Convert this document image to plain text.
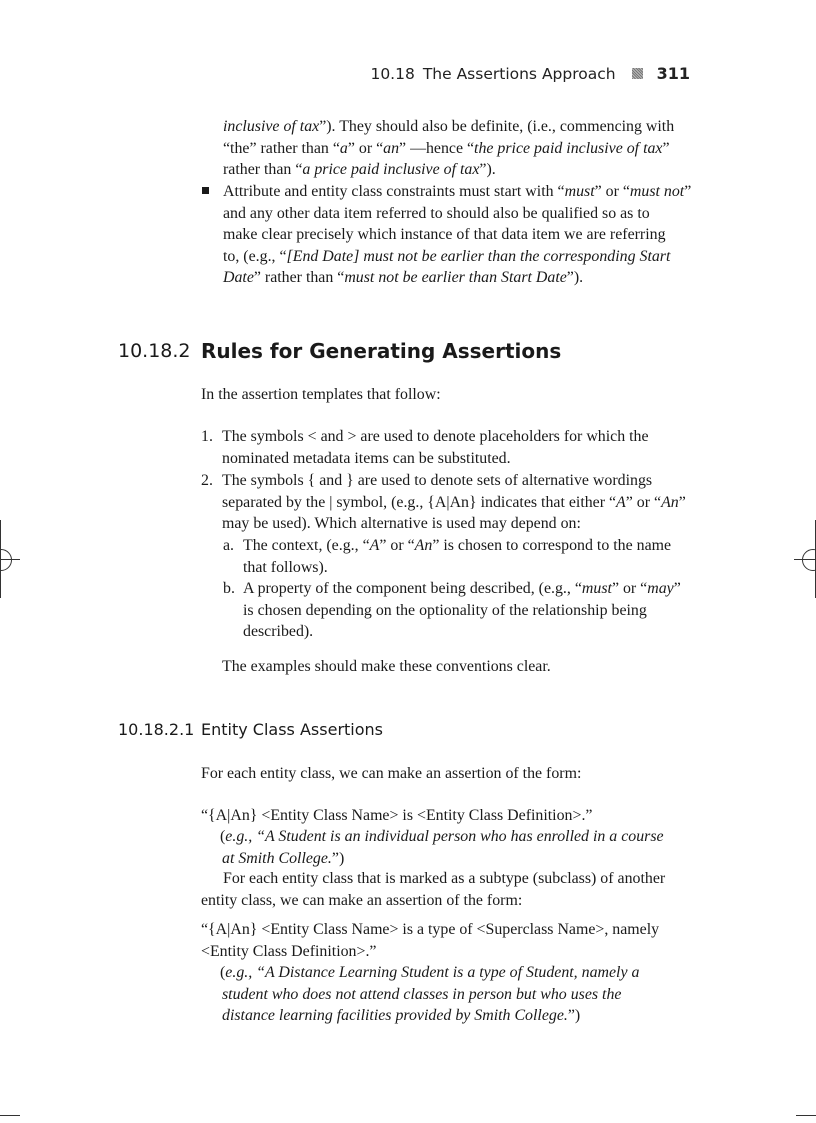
10.18 The Assertions Approach	311
inclusive of tax”). They should also be definite, (i.e., commencing with
“the” rather than “a” or “an” —hence “the price paid inclusive of tax”
rather than “a price paid inclusive of tax”).
Attribute and entity class constraints must start with “must” or “must not”
and any other data item referred to should also be qualified so as to
make clear precisely which instance of that data item we are referring
to, (e.g., “[End Date] must not be earlier than the corresponding Start
Date” rather than “must not be earlier than Start Date”).
10.18.2 Rules for Generating Assertions
In the assertion templates that follow:
1. The symbols < and > are used to denote placeholders for which the
nominated metadata items can be substituted.
2. The symbols { and } are used to denote sets of alternative wordings
separated by the | symbol, (e.g., {A|An} indicates that either “A” or “An”
may be used). Which alternative is used may depend on:
a. The context, (e.g., “A” or “An” is chosen to correspond to the name
that follows).
b. A property of the component being described, (e.g., “must” or “may”
is chosen depending on the optionality of the relationship being
described).
The examples should make these conventions clear.
10.18.2.1 Entity Class Assertions
For each entity class, we can make an assertion of the form:
“{A|An} <Entity Class Name> is <Entity Class Definition>.”
(e.g., “A Student is an individual person who has enrolled in a course
at Smith College.”)
For each entity class that is marked as a subtype (subclass) of another
entity class, we can make an assertion of the form:
“{A|An} <Entity Class Name> is a type of <Superclass Name>, namely
<Entity Class Definition>.”
(e.g., “A Distance Learning Student is a type of Student, namely a
student who does not attend classes in person but who uses the
distance learning facilities provided by Smith College.”)
